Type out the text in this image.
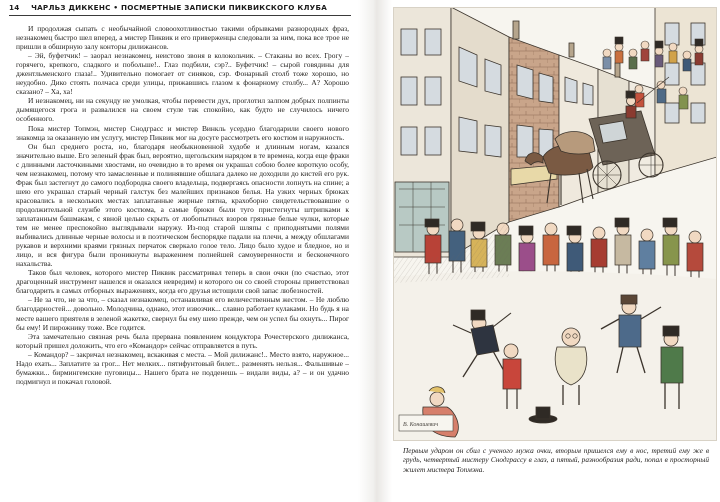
14 ЧАРЛЬЗ ДИККЕНС • ПОСМЕРТНЫЕ ЗАПИСКИ ПИКВИКСКОГО КЛУБА

И продолжая сыпать с необычайной словоохотливостью такими обрывками разнородных фраз, незнакомец быстро шел вперед, а мистер Пиквик и его приверженцы следовали за ним, пока все трое не пришли в обширную залу конторы дилижансов.

– Эй, буфетчик! – заорал незнакомец, неистово звоня в колокольчик. – Стаканы во всех. Грогу – горячего, крепкого, сладкого и побольше!.. Глаз подбили, сэр?.. Буфетчик! – сырой говядины для джентльменского глаза!.. Удивительно помогает от синяков, сэр. Фонарный столб тоже хорошо, но неудобно. Дико стоять полчаса среди улицы, прижавшись глазом к фонарному столбу... А? Хорошо сказано? – Ха, ха!

И незнакомец, ни на секунду не умолкая, чтобы перевести дух, проглотил залпом добрых полпинты дымящегося грога и развалился на своем стуле так спокойно, как будто не случилось ничего особенного.

Пока мистер Топмэн, мистер Снодграсс и мистер Винкль усердно благодарили своего нового знакомца за оказанную им услугу, мистер Пиквик мог на досуге рассмотреть его костюм и наружность.

Он был среднего роста, но, благодаря необыкновенной худобе и длинным ногам, казался значительно выше. Его зеленый фрак был, вероятно, щегольским нарядом в те времена, когда еще фраки с длинными ласточкиными хвостами, но очевидно в то время он украшал собою более короткую особу, чем незнакомец, потому что замасленные и полинявшие обшлага далеко не доходили до кистей его рук. Фрак был застегнут до самого подбородка своего владельца, подвергаясь опасности лопнуть на спине; а шею его украшал старый черный галстук без малейших признаков белья. На узких черных брюках красовались в нескольких местах заплатанные жирные пятна, крахоборно свидетельствовавшие о продолжительной службе этого костюма, а самые брюки были туго пристегнуты штрипками к заплатанным башмакам, с явной целью скрыть от любопытных взоров грязные белые чулки, которые тем не менее преспокойно выглядывали наружу. Из-под старой шляпы с приподнятыми полями выбивались длинные черные волосы и в поэтическом беспорядке падали на плечи, а между обшлагами рукавов и верхними краями грязных перчаток сверкало голое тело. Лицо было худое и бледное, но и лицо, и вся фигура были проникнуты выражением полнейшей самоуверенности и бесконечного нахальства.

Таков был человек, которого мистер Пиквик рассматривал теперь в свои очки (по счастью, этот драгоценный инструмент нашелся и оказался невредим) и которого он со своей стороны приветствовал благодарить в самых отборных выражениях, когда его друзья истощили свой запас любезностей.

– Не за что, не за что, – сказал незнакомец, останавливая его величественным жестом. – Не люблю благодарностей... довольно. Молодчина, однако, этот извозчик... славно работает кулаками. Но будь я на месте вашего приятеля в зеленой жакетке, свернул бы ему шею прежде, чем он успел бы охнуть... Пирог бы ему! И пирожнику тоже. Все годится.

Эта замечательно связная речь была прервана появлением кондуктора Рочестерского дилижанса, который пришел доложить, что его «Командор» сейчас отправляется в путь.

– Командор? – закричал незнакомец, вскакивая с места. – Мой дилижанс!.. Место взято, наружное... Надо ехать... Заплатите за грог... Нет мелких... пятифунтовый билет... разменять нельзя... Фальшивые – бумажки... бирмингемские пуговицы... Нашего брата не подденешь – видали виды, а? – и он удачно подмигнул и покачал головой.

В. Конашевич
Первым ударом он сбил с ученого мужа очки, вторым пришелся ему в нос, третий ему же в грудь, четвертый мистеру Снодграссу в глаз, а пятый, разнообразия ради, попал в просторный жилет мистера Топмэна.
